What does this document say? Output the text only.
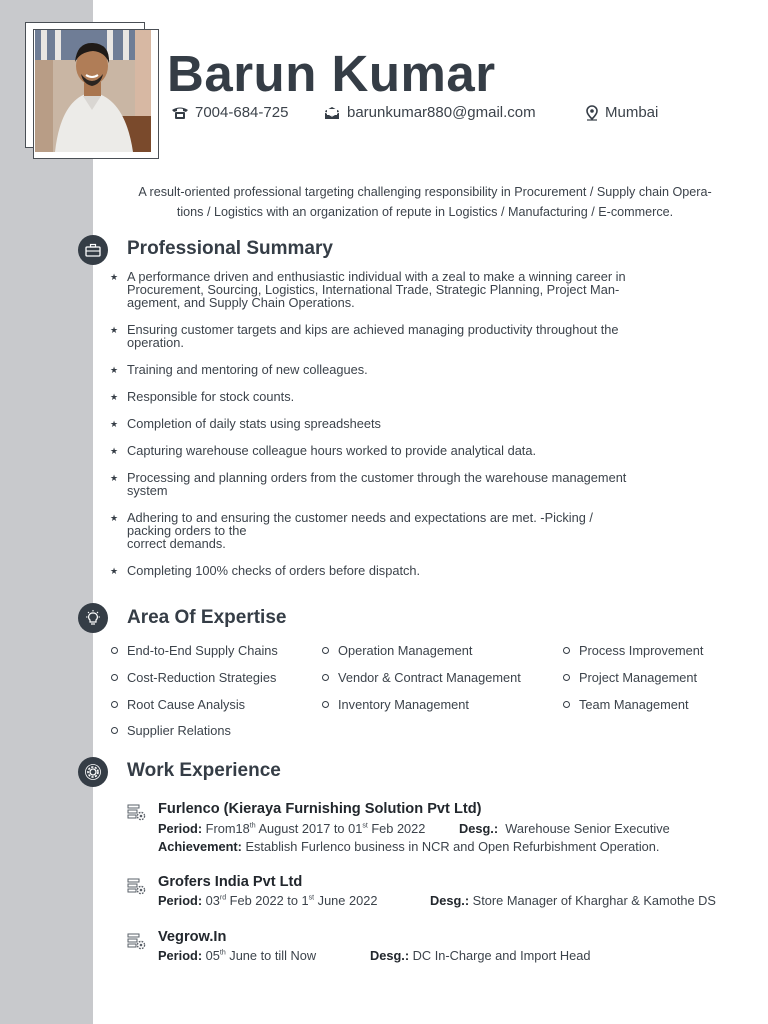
Barun Kumar
7004-684-725	barunkumar880@gmail.com	Mumbai

A result-oriented professional targeting challenging responsibility in Procurement / Supply chain Opera-
tions / Logistics with an organization of repute in Logistics / Manufacturing / E-commerce.

Professional Summary
★ A performance driven and enthusiastic individual with a zeal to make a winning career in
Procurement, Sourcing, Logistics, International Trade, Strategic Planning, Project Man-
agement, and Supply Chain Operations.
★ Ensuring customer targets and kips are achieved managing productivity throughout the
operation.
★ Training and mentoring of new colleagues.
★ Responsible for stock counts.
★ Completion of daily stats using spreadsheets
★ Capturing warehouse colleague hours worked to provide analytical data.
★ Processing and planning orders from the customer through the warehouse management
system
★ Adhering to and ensuring the customer needs and expectations are met. -Picking /
packing orders to the
correct demands.
★ Completing 100% checks of orders before dispatch.
Area Of Expertise
End-to-End Supply Chains
Cost-Reduction Strategies
Root Cause Analysis
Supplier Relations
Operation Management
Vendor & Contract Management
Inventory Management
Process Improvement
Project Management
Team Management
Work Experience
Furlenco (Kieraya Furnishing Solution Pvt Ltd)
Period: From18th August 2017 to 01st Feb 2022	Desg.: Warehouse Senior Executive
Achievement: Establish Furlenco business in NCR and Open Refurbishment Operation.
Grofers India Pvt Ltd
Period: 03rd Feb 2022 to 1st June 2022	Desg.: Store Manager of Kharghar & Kamothe DS
Vegrow.In
Period: 05th June to till Now	Desg.: DC In-Charge and Import Head
